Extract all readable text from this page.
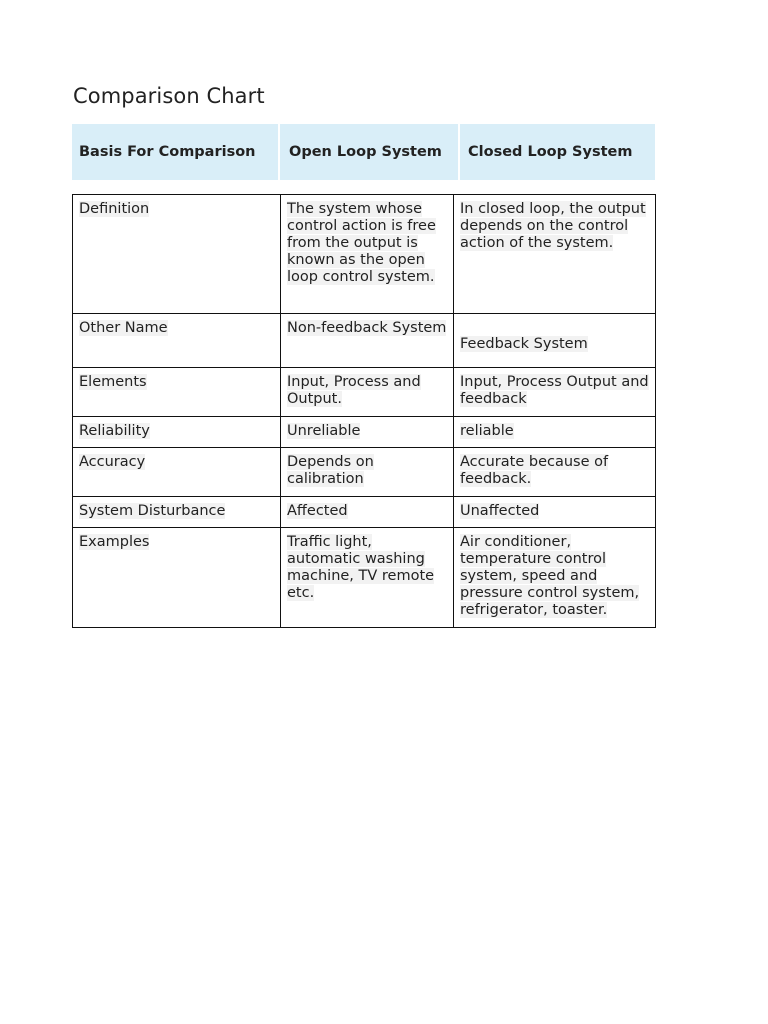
Comparison Chart
Basis For Comparison	Open Loop System	Closed Loop System
Definition	The system whose control action is free from the output is known as the open loop control system.	In closed loop, the output depends on the control action of the system.
Other Name	Non-feedback System	Feedback System

Elements	Input, Process and Output.	Input, Process Output and feedback
Reliability	Unreliable	reliable
Accuracy	Depends on calibration	Accurate because of feedback.
System Disturbance	Affected	Unaffected
Examples	Traffic light, automatic washing machine, TV remote etc.	Air conditioner, temperature control system, speed and pressure control system, refrigerator, toaster.
